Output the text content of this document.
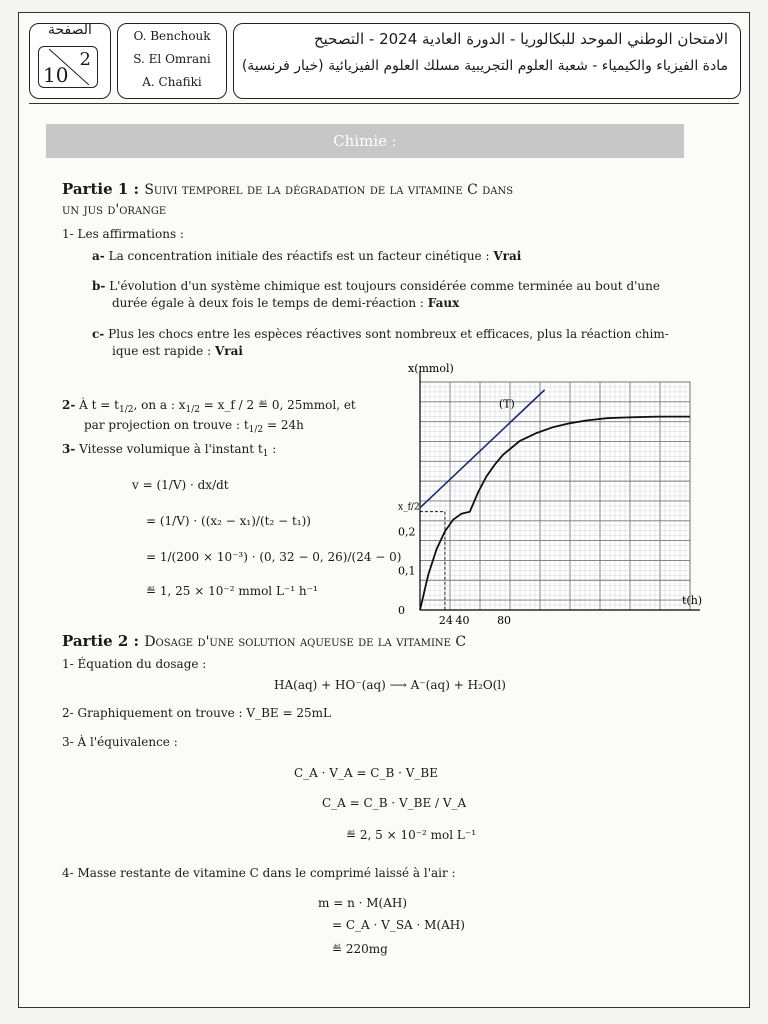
الصفحة
10
2
O. Benchouk
S. El Omrani
A. Chafiki
الامتحان الوطني الموحد للبكالوريا - الدورة العادية 2024 - التصحيح
مادة الفيزياء والكيمياء - شعبة العلوم التجريبية مسلك العلوم الفيزيائية (خيار فرنسية)
Chimie :
Partie 1 : Suivi temporel de la dégradation de la vitamine C dans
un jus d'orange
1- Les affirmations :
a- La concentration initiale des réactifs est un facteur cinétique : Vrai
b- L'évolution d'un système chimique est toujours considérée comme terminée au bout d'une
durée égale à deux fois le temps de demi-réaction : Faux
c- Plus les chocs entre les espèces réactives sont nombreux et efficaces, plus la réaction chim-
ique est rapide : Vrai
2- À $t = t_{1/2}$, on a : $x_{1/2}$ = x_f / 2 ≝ 0, 25mmol, et
par projection on trouve : $t_{1/2} = 24h$
3- Vitesse volumique à l'instant $t_1$ :
v = (1/V) · dx/dt
= (1/V) · ((x₂ − x₁)/(t₂ − t₁))
= 1/(200 × 10⁻³) · (0, 32 − 0, 26)/(24 − 0)
≝ 1, 25 × 10⁻² mmol L⁻¹ h⁻¹
x(mmol)
t(h)
(T)
0
0,1
0,2
x_f/2
24 40	80
Partie 2 : Dosage d'une solution aqueuse de la vitamine C
1- Équation du dosage :
HA(aq) + HO⁻(aq) ⟶ A⁻(aq) + H₂O(l)
2- Graphiquement on trouve : V_BE = 25mL
3- À l'équivalence :
C_A · V_A = C_B · V_BE
C_A = C_B · V_BE / V_A
≝ 2, 5 × 10⁻² mol L⁻¹
4- Masse restante de vitamine C dans le comprimé laissé à l'air :
m = n · M(AH)
= C_A · V_SA · M(AH)
≝ 220mg
